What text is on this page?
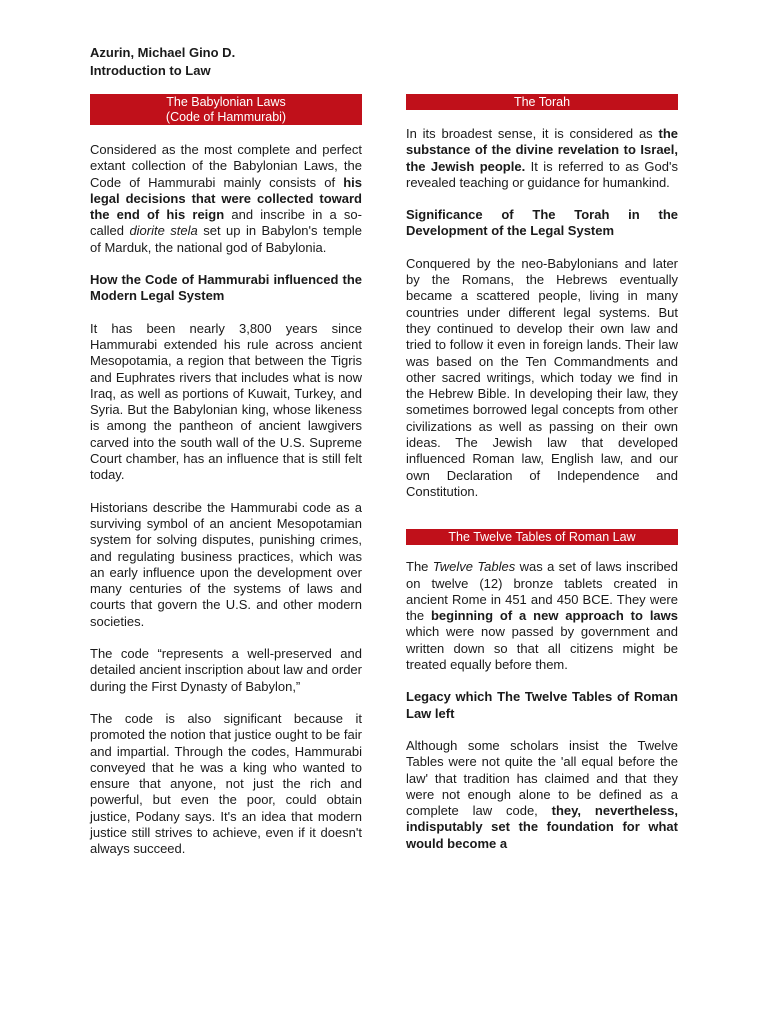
Azurin, Michael Gino D.
Introduction to Law
The Babylonian Laws
(Code of Hammurabi)

Considered as the most complete and perfect extant collection of the Babylonian Laws, the Code of Hammurabi mainly consists of his legal decisions that were collected toward the end of his reign and inscribe in a so-called diorite stela set up in Babylon's temple of Marduk, the national god of Babylonia.

How the Code of Hammurabi influenced the Modern Legal System

It has been nearly 3,800 years since Hammurabi extended his rule across ancient Mesopotamia, a region that between the Tigris and Euphrates rivers that includes what is now Iraq, as well as portions of Kuwait, Turkey, and Syria. But the Babylonian king, whose likeness is among the pantheon of ancient lawgivers carved into the south wall of the U.S. Supreme Court chamber, has an influence that is still felt today.

Historians describe the Hammurabi code as a surviving symbol of an ancient Mesopotamian system for solving disputes, punishing crimes, and regulating business practices, which was an early influence upon the development over many centuries of the systems of laws and courts that govern the U.S. and other modern societies.

The code “represents a well-preserved and detailed ancient inscription about law and order during the First Dynasty of Babylon,”

The code is also significant because it promoted the notion that justice ought to be fair and impartial. Through the codes, Hammurabi conveyed that he was a king who wanted to ensure that anyone, not just the rich and powerful, but even the poor, could obtain justice, Podany says. It's an idea that modern justice still strives to achieve, even if it doesn't always succeed.

The Torah

In its broadest sense, it is considered as the substance of the divine revelation to Israel, the Jewish people. It is referred to as God's revealed teaching or guidance for humankind.

Significance of The Torah in the Development of the Legal System

Conquered by the neo-Babylonians and later by the Romans, the Hebrews eventually became a scattered people, living in many countries under different legal systems. But they continued to develop their own law and tried to follow it even in foreign lands. Their law was based on the Ten Commandments and other sacred writings, which today we find in the Hebrew Bible. In developing their law, they sometimes borrowed legal concepts from other civilizations as well as passing on their own ideas. The Jewish law that developed influenced Roman law, English law, and our own Declaration of Independence and Constitution.

The Twelve Tables of Roman Law

The Twelve Tables was a set of laws inscribed on twelve (12) bronze tablets created in ancient Rome in 451 and 450 BCE. They were the beginning of a new approach to laws which were now passed by government and written down so that all citizens might be treated equally before them.

Legacy which The Twelve Tables of Roman Law left

Although some scholars insist the Twelve Tables were not quite the 'all equal before the law' that tradition has claimed and that they were not enough alone to be defined as a complete law code, they, nevertheless, indisputably set the foundation for what would become a
